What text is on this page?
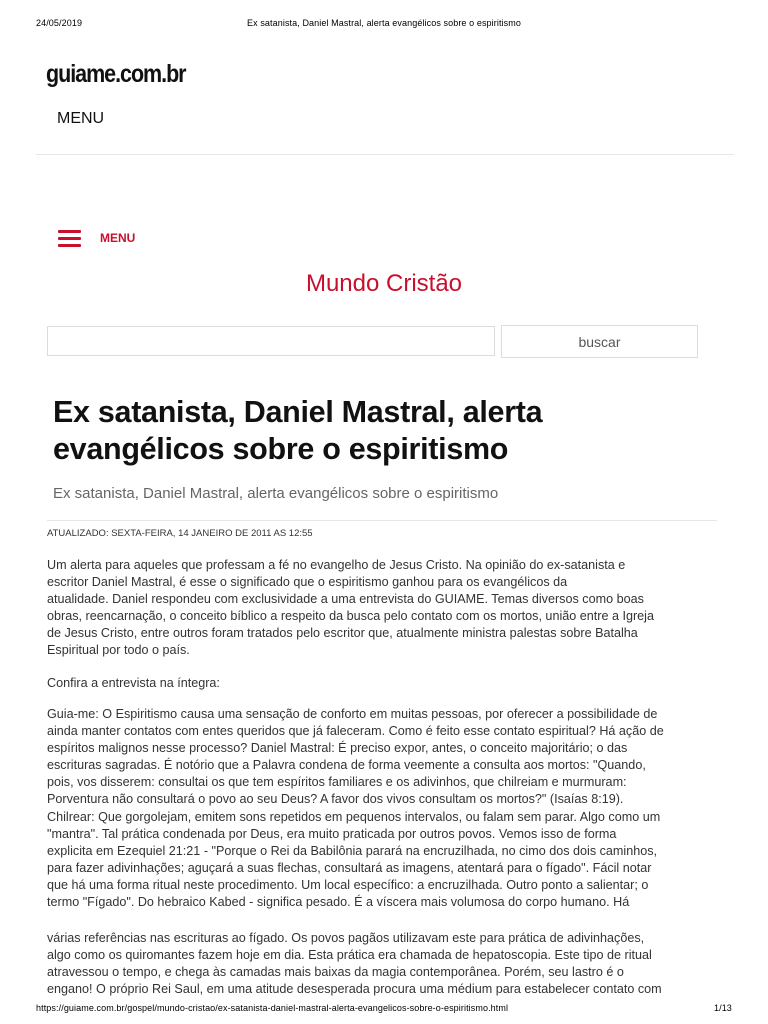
24/05/2019	Ex satanista, Daniel Mastral, alerta evangélicos sobre o espiritismo
guiame.com.br
MENU
MENU
Mundo Cristão
buscar
Ex satanista, Daniel Mastral, alerta evangélicos sobre o espiritismo

Ex satanista, Daniel Mastral, alerta evangélicos sobre o espiritismo

ATUALIZADO: SEXTA-FEIRA, 14 JANEIRO DE 2011 AS 12:55

Um alerta para aqueles que professam a fé no evangelho de Jesus Cristo. Na opinião do ex-satanista e
escritor Daniel Mastral, é esse o significado que o espiritismo ganhou para os evangélicos da
atualidade. Daniel respondeu com exclusividade a uma entrevista do GUIAME. Temas diversos como boas
obras, reencarnação, o conceito bíblico a respeito da busca pelo contato com os mortos, união entre a Igreja
de Jesus Cristo, entre outros foram tratados pelo escritor que, atualmente ministra palestas sobre Batalha
Espiritual por todo o país.

Confira a entrevista na íntegra:

Guia-me: O Espiritismo causa uma sensação de conforto em muitas pessoas, por oferecer a possibilidade de
ainda manter contatos com entes queridos que já faleceram. Como é feito esse contato espiritual? Há ação de
espíritos malignos nesse processo? Daniel Mastral: É preciso expor, antes, o conceito majoritário; o das
escrituras sagradas. É notório que a Palavra condena de forma veemente a consulta aos mortos: "Quando,
pois, vos disserem: consultai os que tem espíritos familiares e os adivinhos, que chilreiam e murmuram:
Porventura não consultará o povo ao seu Deus? A favor dos vivos consultam os mortos?" (Isaías 8:19).
Chilrear: Que gorgolejam, emitem sons repetidos em pequenos intervalos, ou falam sem parar. Algo como um
"mantra". Tal prática condenada por Deus, era muito praticada por outros povos. Vemos isso de forma
explicita em Ezequiel 21:21 - "Porque o Rei da Babilônia parará na encruzilhada, no cimo dos dois caminhos,
para fazer adivinhações; aguçará a suas flechas, consultará as imagens, atentará para o fígado". Fácil notar
que há uma forma ritual neste procedimento. Um local específico: a encruzilhada. Outro ponto a salientar; o
termo "Fígado". Do hebraico Kabed - significa pesado. É a víscera mais volumosa do corpo humano. Há

várias referências nas escrituras ao fígado. Os povos pagãos utilizavam este para prática de adivinhações,
algo como os quiromantes fazem hoje em dia. Esta prática era chamada de hepatoscopia. Este tipo de ritual
atravessou o tempo, e chega às camadas mais baixas da magia contemporânea. Porém, seu lastro é o
engano! O próprio Rei Saul, em uma atitude desesperada procura uma médium para estabelecer contato com

https://guiame.com.br/gospel/mundo-cristao/ex-satanista-daniel-mastral-alerta-evangelicos-sobre-o-espiritismo.html	1/13
